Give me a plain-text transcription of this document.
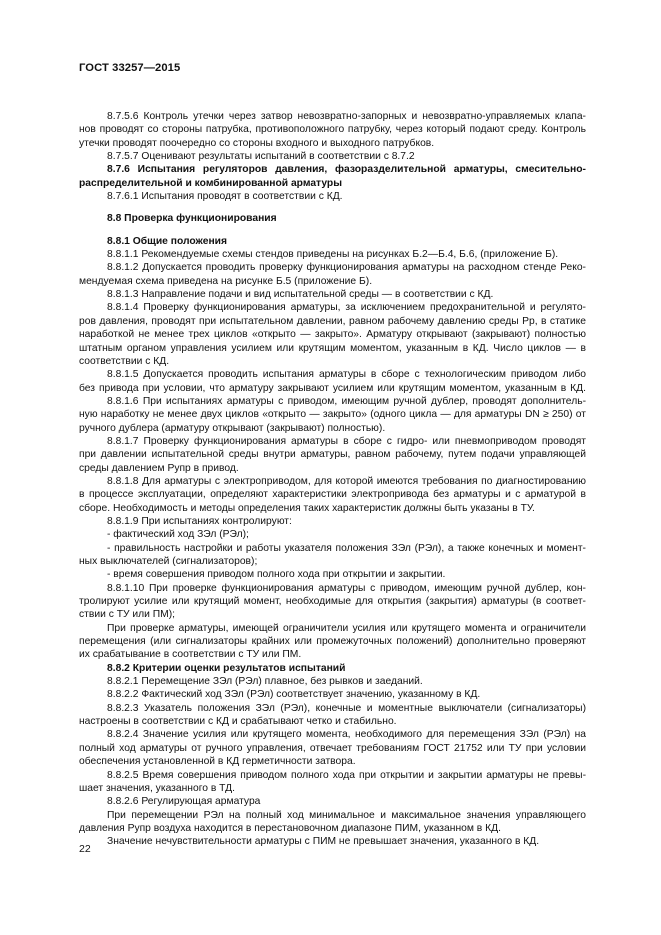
ГОСТ 33257—2015
8.7.5.6 Контроль утечки через затвор невозвратно-запорных и невозвратно-управляемых клапа-
нов проводят со стороны патрубка, противоположного патрубку, через который подают среду. Контроль
утечки проводят поочередно со стороны входного и выходного патрубков.
8.7.5.7 Оценивают результаты испытаний в соответствии с 8.7.2
8.7.6 Испытания регуляторов давления, фазоразделительной арматуры, смесительно-
распределительной и комбинированной арматуры
8.7.6.1 Испытания проводят в соответствии с КД.
8.8 Проверка функционирования
8.8.1 Общие положения
8.8.1.1 Рекомендуемые схемы стендов приведены на рисунках Б.2—Б.4, Б.6, (приложение Б).
8.8.1.2 Допускается проводить проверку функционирования арматуры на расходном стенде Реко-
мендуемая схема приведена на рисунке Б.5 (приложение Б).
8.8.1.3 Направление подачи и вид испытательной среды — в соответствии с КД.
8.8.1.4 Проверку функционирования арматуры, за исключением предохранительной и регулято-
ров давления, проводят при испытательном давлении, равном рабочему давлению среды Pр, в статике
наработкой не менее трех циклов «открыто — закрыто». Арматуру открывают (закрывают) полностью
штатным органом управления усилием или крутящим моментом, указанным в КД. Число циклов — в
соответствии с КД.
8.8.1.5 Допускается проводить испытания арматуры в сборе с технологическим приводом либо
без привода при условии, что арматуру закрывают усилием или крутящим моментом, указанным в КД.
8.8.1.6 При испытаниях арматуры с приводом, имеющим ручной дублер, проводят дополнитель-
ную наработку не менее двух циклов «открыто — закрыто» (одного цикла — для арматуры DN ≥ 250) от
ручного дублера (арматуру открывают (закрывают) полностью).
8.8.1.7 Проверку функционирования арматуры в сборе с гидро- или пневмоприводом проводят
при давлении испытательной среды внутри арматуры, равном рабочему, путем подачи управляющей
среды давлением Pупр в привод.
8.8.1.8 Для арматуры с электроприводом, для которой имеются требования по диагностированию
в процессе эксплуатации, определяют характеристики электропривода без арматуры и с арматурой в
сборе. Необходимость и методы определения таких характеристик должны быть указаны в ТУ.
8.8.1.9 При испытаниях контролируют:
- фактический ход ЗЭл (РЭл);
- правильность настройки и работы указателя положения ЗЭл (РЭл), а также конечных и момент-
ных выключателей (сигнализаторов);
- время совершения приводом полного хода при открытии и закрытии.
8.8.1.10 При проверке функционирования арматуры с приводом, имеющим ручной дублер, кон-
тролируют усилие или крутящий момент, необходимые для открытия (закрытия) арматуры (в соответ-
ствии с ТУ или ПМ);
При проверке арматуры, имеющей ограничители усилия или крутящего момента и ограничители
перемещения (или сигнализаторы крайних или промежуточных положений) дополнительно проверяют
их срабатывание в соответствии с ТУ или ПМ.
8.8.2 Критерии оценки результатов испытаний
8.8.2.1 Перемещение ЗЭл (РЭл) плавное, без рывков и заеданий.
8.8.2.2 Фактический ход ЗЭл (РЭл) соответствует значению, указанному в КД.
8.8.2.3 Указатель положения ЗЭл (РЭл), конечные и моментные выключатели (сигнализаторы)
настроены в соответствии с КД и срабатывают четко и стабильно.
8.8.2.4 Значение усилия или крутящего момента, необходимого для перемещения ЗЭл (РЭл) на
полный ход арматуры от ручного управления, отвечает требованиям ГОСТ 21752 или ТУ при условии
обеспечения установленной в КД герметичности затвора.
8.8.2.5 Время совершения приводом полного хода при открытии и закрытии арматуры не превы-
шает значения, указанного в ТД.
8.8.2.6 Регулирующая арматура
При перемещении РЭл на полный ход минимальное и максимальное значения управляющего
давления Pупр воздуха находится в перестановочном диапазоне ПИМ, указанном в КД.
Значение нечувствительности арматуры с ПИМ не превышает значения, указанного в КД.
22
